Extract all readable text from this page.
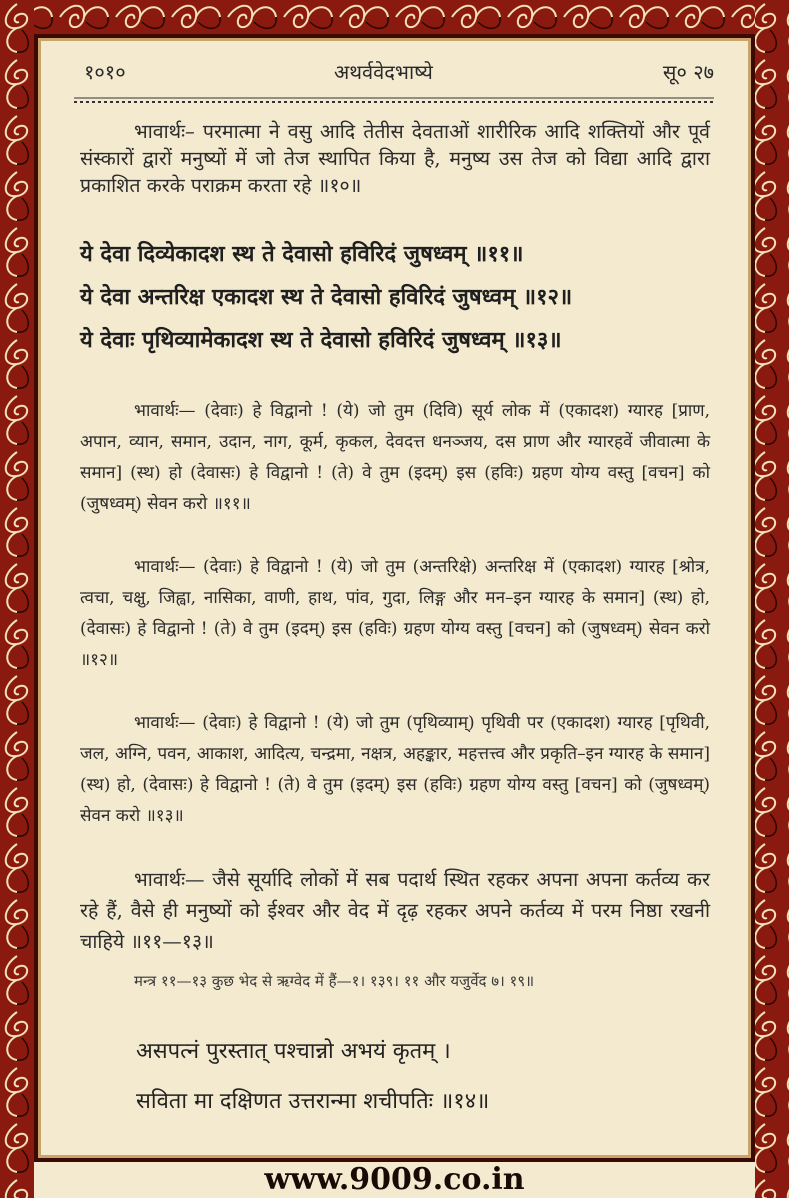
१०१०	अथर्ववेदभाष्ये	सू० २७

भावार्थः– परमात्मा ने वसु आदि तेतीस देवताओं शारीरिक आदि शक्तियों और पूर्व संस्कारों द्वारों मनुष्यों में जो तेज स्थापित किया है, मनुष्य उस तेज को विद्या आदि द्वारा प्रकाशित करके पराक्रम करता रहे ॥१०॥

ये देवा दिव्येकादश स्थ ते देवासो हविरिदं जुषध्वम् ॥११॥

ये देवा अन्तरिक्ष एकादश स्थ ते देवासो हविरिदं जुषध्वम् ॥१२॥

ये देवाः पृथिव्यामेकादश स्थ ते देवासो हविरिदं जुषध्वम् ॥१३॥

भावार्थः— (देवाः) हे विद्वानो ! (ये) जो तुम (दिवि) सूर्य लोक में (एकादश) ग्यारह [प्राण, अपान, व्यान, समान, उदान, नाग, कूर्म, कृकल, देवदत्त धनञ्जय, दस प्राण और ग्यारहवें जीवात्मा के समान] (स्थ) हो (देवासः) हे विद्वानो ! (ते) वे तुम (इदम्) इस (हविः) ग्रहण योग्य वस्तु [वचन] को (जुषध्वम्) सेवन करो ॥११॥

भावार्थः— (देवाः) हे विद्वानो ! (ये) जो तुम (अन्तरिक्षे) अन्तरिक्ष में (एकादश) ग्यारह [श्रोत्र, त्वचा, चक्षु, जिह्वा, नासिका, वाणी, हाथ, पांव, गुदा, लिङ्ग और मन–इन ग्यारह के समान] (स्थ) हो, (देवासः) हे विद्वानो ! (ते) वे तुम (इदम्) इस (हविः) ग्रहण योग्य वस्तु [वचन] को (जुषध्वम्) सेवन करो ॥१२॥

भावार्थः— (देवाः) हे विद्वानो ! (ये) जो तुम (पृथिव्याम्) पृथिवी पर (एकादश) ग्यारह [पृथिवी, जल, अग्नि, पवन, आकाश, आदित्य, चन्द्रमा, नक्षत्र, अहङ्कार, महत्तत्त्व और प्रकृति–इन ग्यारह के समान] (स्थ) हो, (देवासः) हे विद्वानो ! (ते) वे तुम (इदम्) इस (हविः) ग्रहण योग्य वस्तु [वचन] को (जुषध्वम्) सेवन करो ॥१३॥

भावार्थः— जैसे सूर्यादि लोकों में सब पदार्थ स्थित रहकर अपना अपना कर्तव्य कर रहे हैं, वैसे ही मनुष्यों को ईश्वर और वेद में दृढ़ रहकर अपने कर्तव्य में परम निष्ठा रखनी चाहिये ॥११—१३॥

मन्त्र ११—१३ कुछ भेद से ऋग्वेद में हैं—१। १३९। ११ और यजुर्वेद ७। १९॥

असपत्नं पुरस्तात् पश्चान्नो अभयं कृतम् ।

सविता मा दक्षिणत उत्तरान्मा शचीपतिः ॥१४॥

www.9009.co.in
